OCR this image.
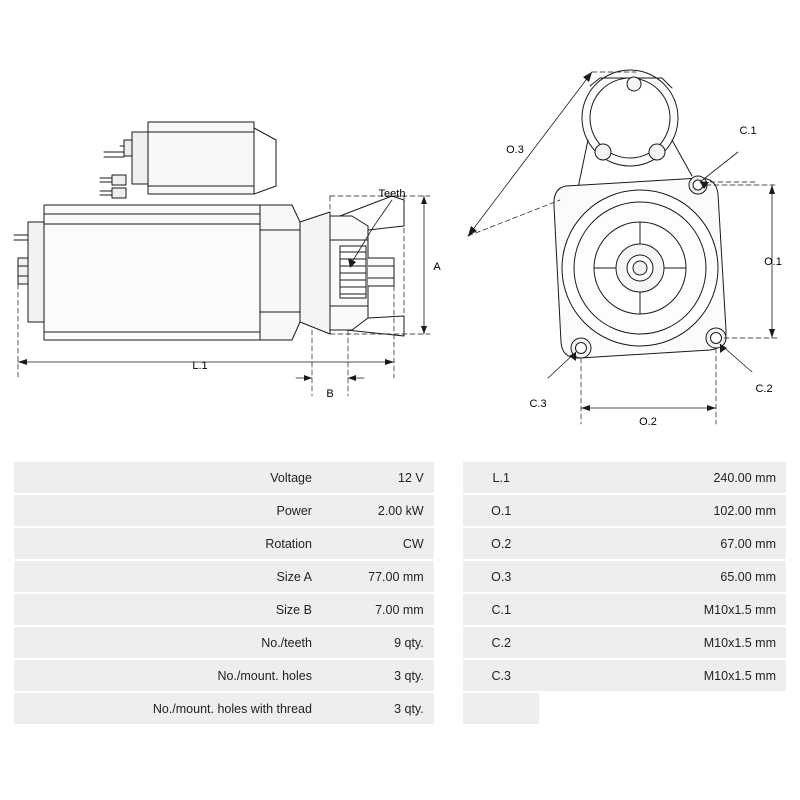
Teeth
L.1
A
B
O.3
O.1
O.2
C.1
C.2
C.3
Voltage	12 V		L.1	240.00 mm
Power	2.00 kW		O.1	102.00 mm
Rotation	CW		O.2	67.00 mm
Size A	77.00 mm		O.3	65.00 mm
Size B	7.00 mm		C.1	M10x1.5 mm
No./teeth	9 qty.		C.2	M10x1.5 mm
No./mount. holes	3 qty.		C.3	M10x1.5 mm
No./mount. holes with thread	3 qty.			
